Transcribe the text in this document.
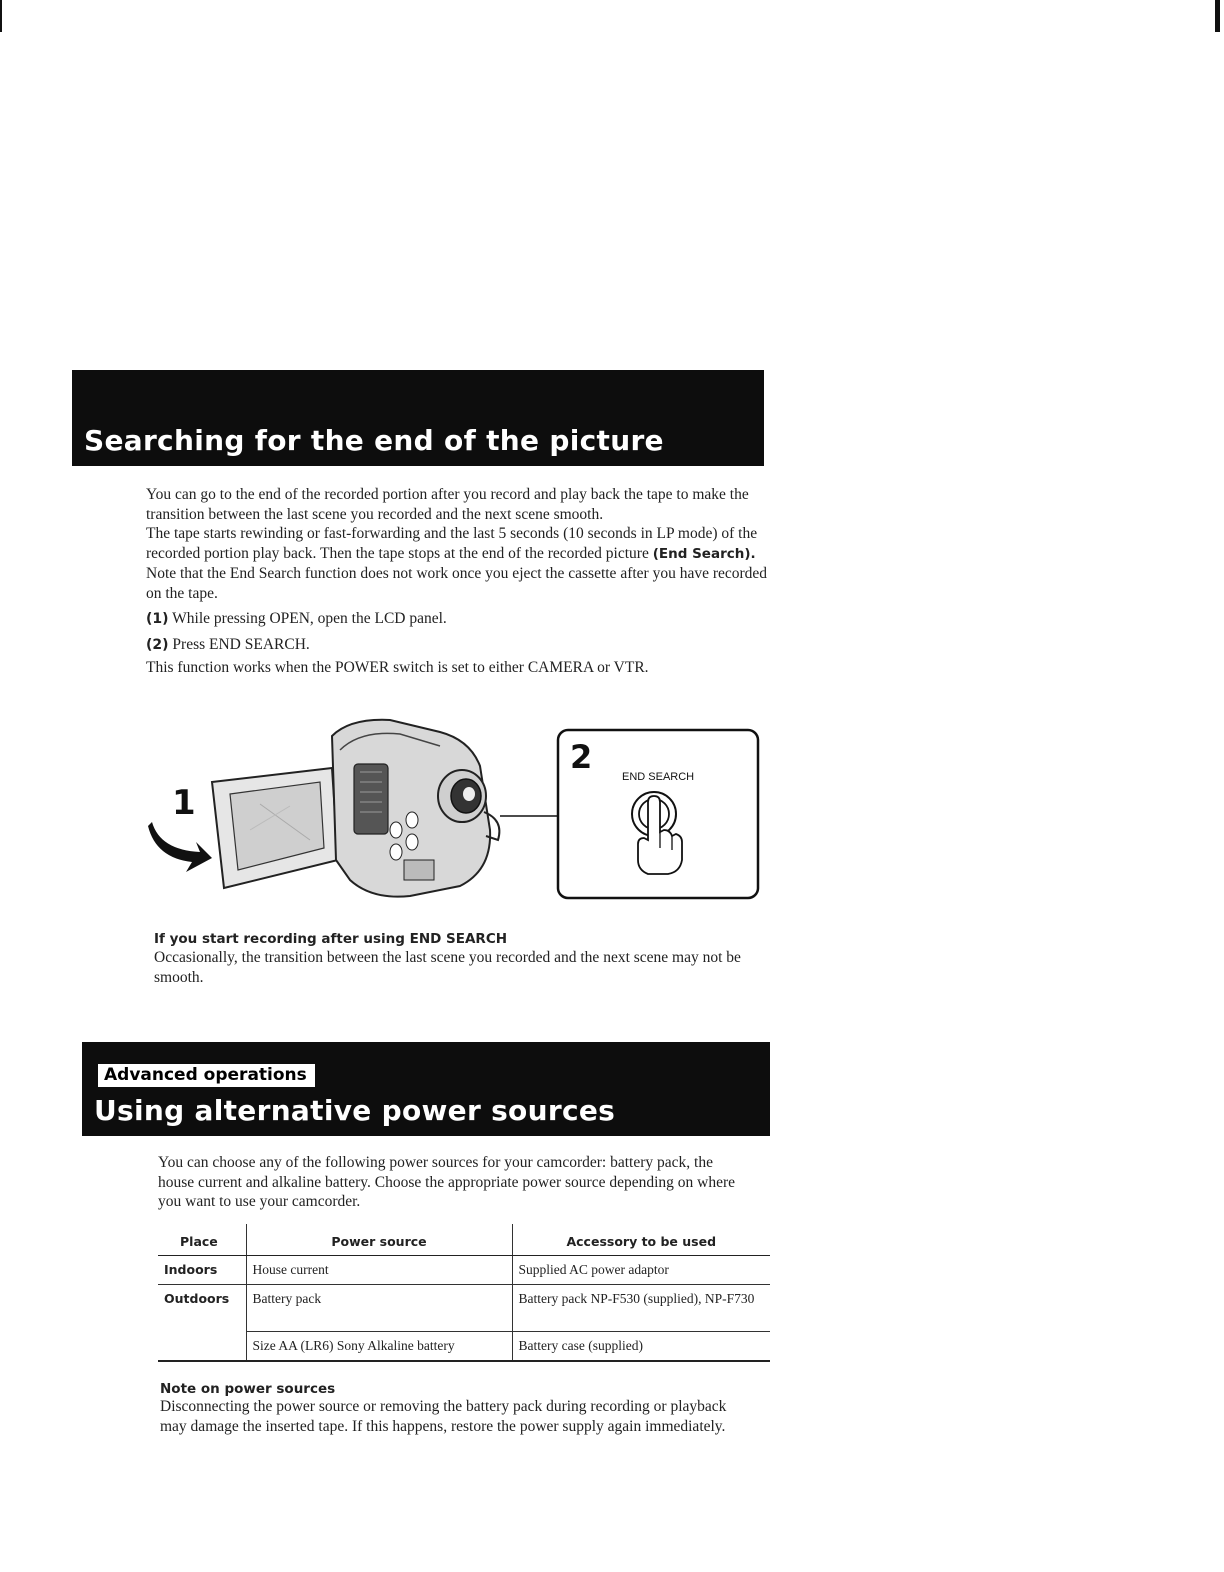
Searching for the end of the picture

You can go to the end of the recorded portion after you record and play back the tape to make the transition between the last scene you recorded and the next scene smooth.

The tape starts rewinding or fast-forwarding and the last 5 seconds (10 seconds in LP mode) of the recorded portion play back. Then the tape stops at the end of the recorded picture (End Search).

Note that the End Search function does not work once you eject the cassette after you have recorded on the tape.

(1) While pressing OPEN, open the LCD panel.

(2) Press END SEARCH.

This function works when the POWER switch is set to either CAMERA or VTR.

1
2
END SEARCH
If you start recording after using END SEARCH
Occasionally, the transition between the last scene you recorded and the next scene may not be smooth.
Advanced operations
Using alternative power sources
You can choose any of the following power sources for your camcorder: battery pack, the house current and alkaline battery. Choose the appropriate power source depending on where you want to use your camcorder.
Place	Power source	Accessory to be used
Indoors	House current	Supplied AC power adaptor
Outdoors	Battery pack	Battery pack NP-F530 (supplied), NP-F730
	Size AA (LR6) Sony Alkaline battery	Battery case (supplied)
Note on power sources
Disconnecting the power source or removing the battery pack during recording or playback may damage the inserted tape. If this happens, restore the power supply again immediately.
